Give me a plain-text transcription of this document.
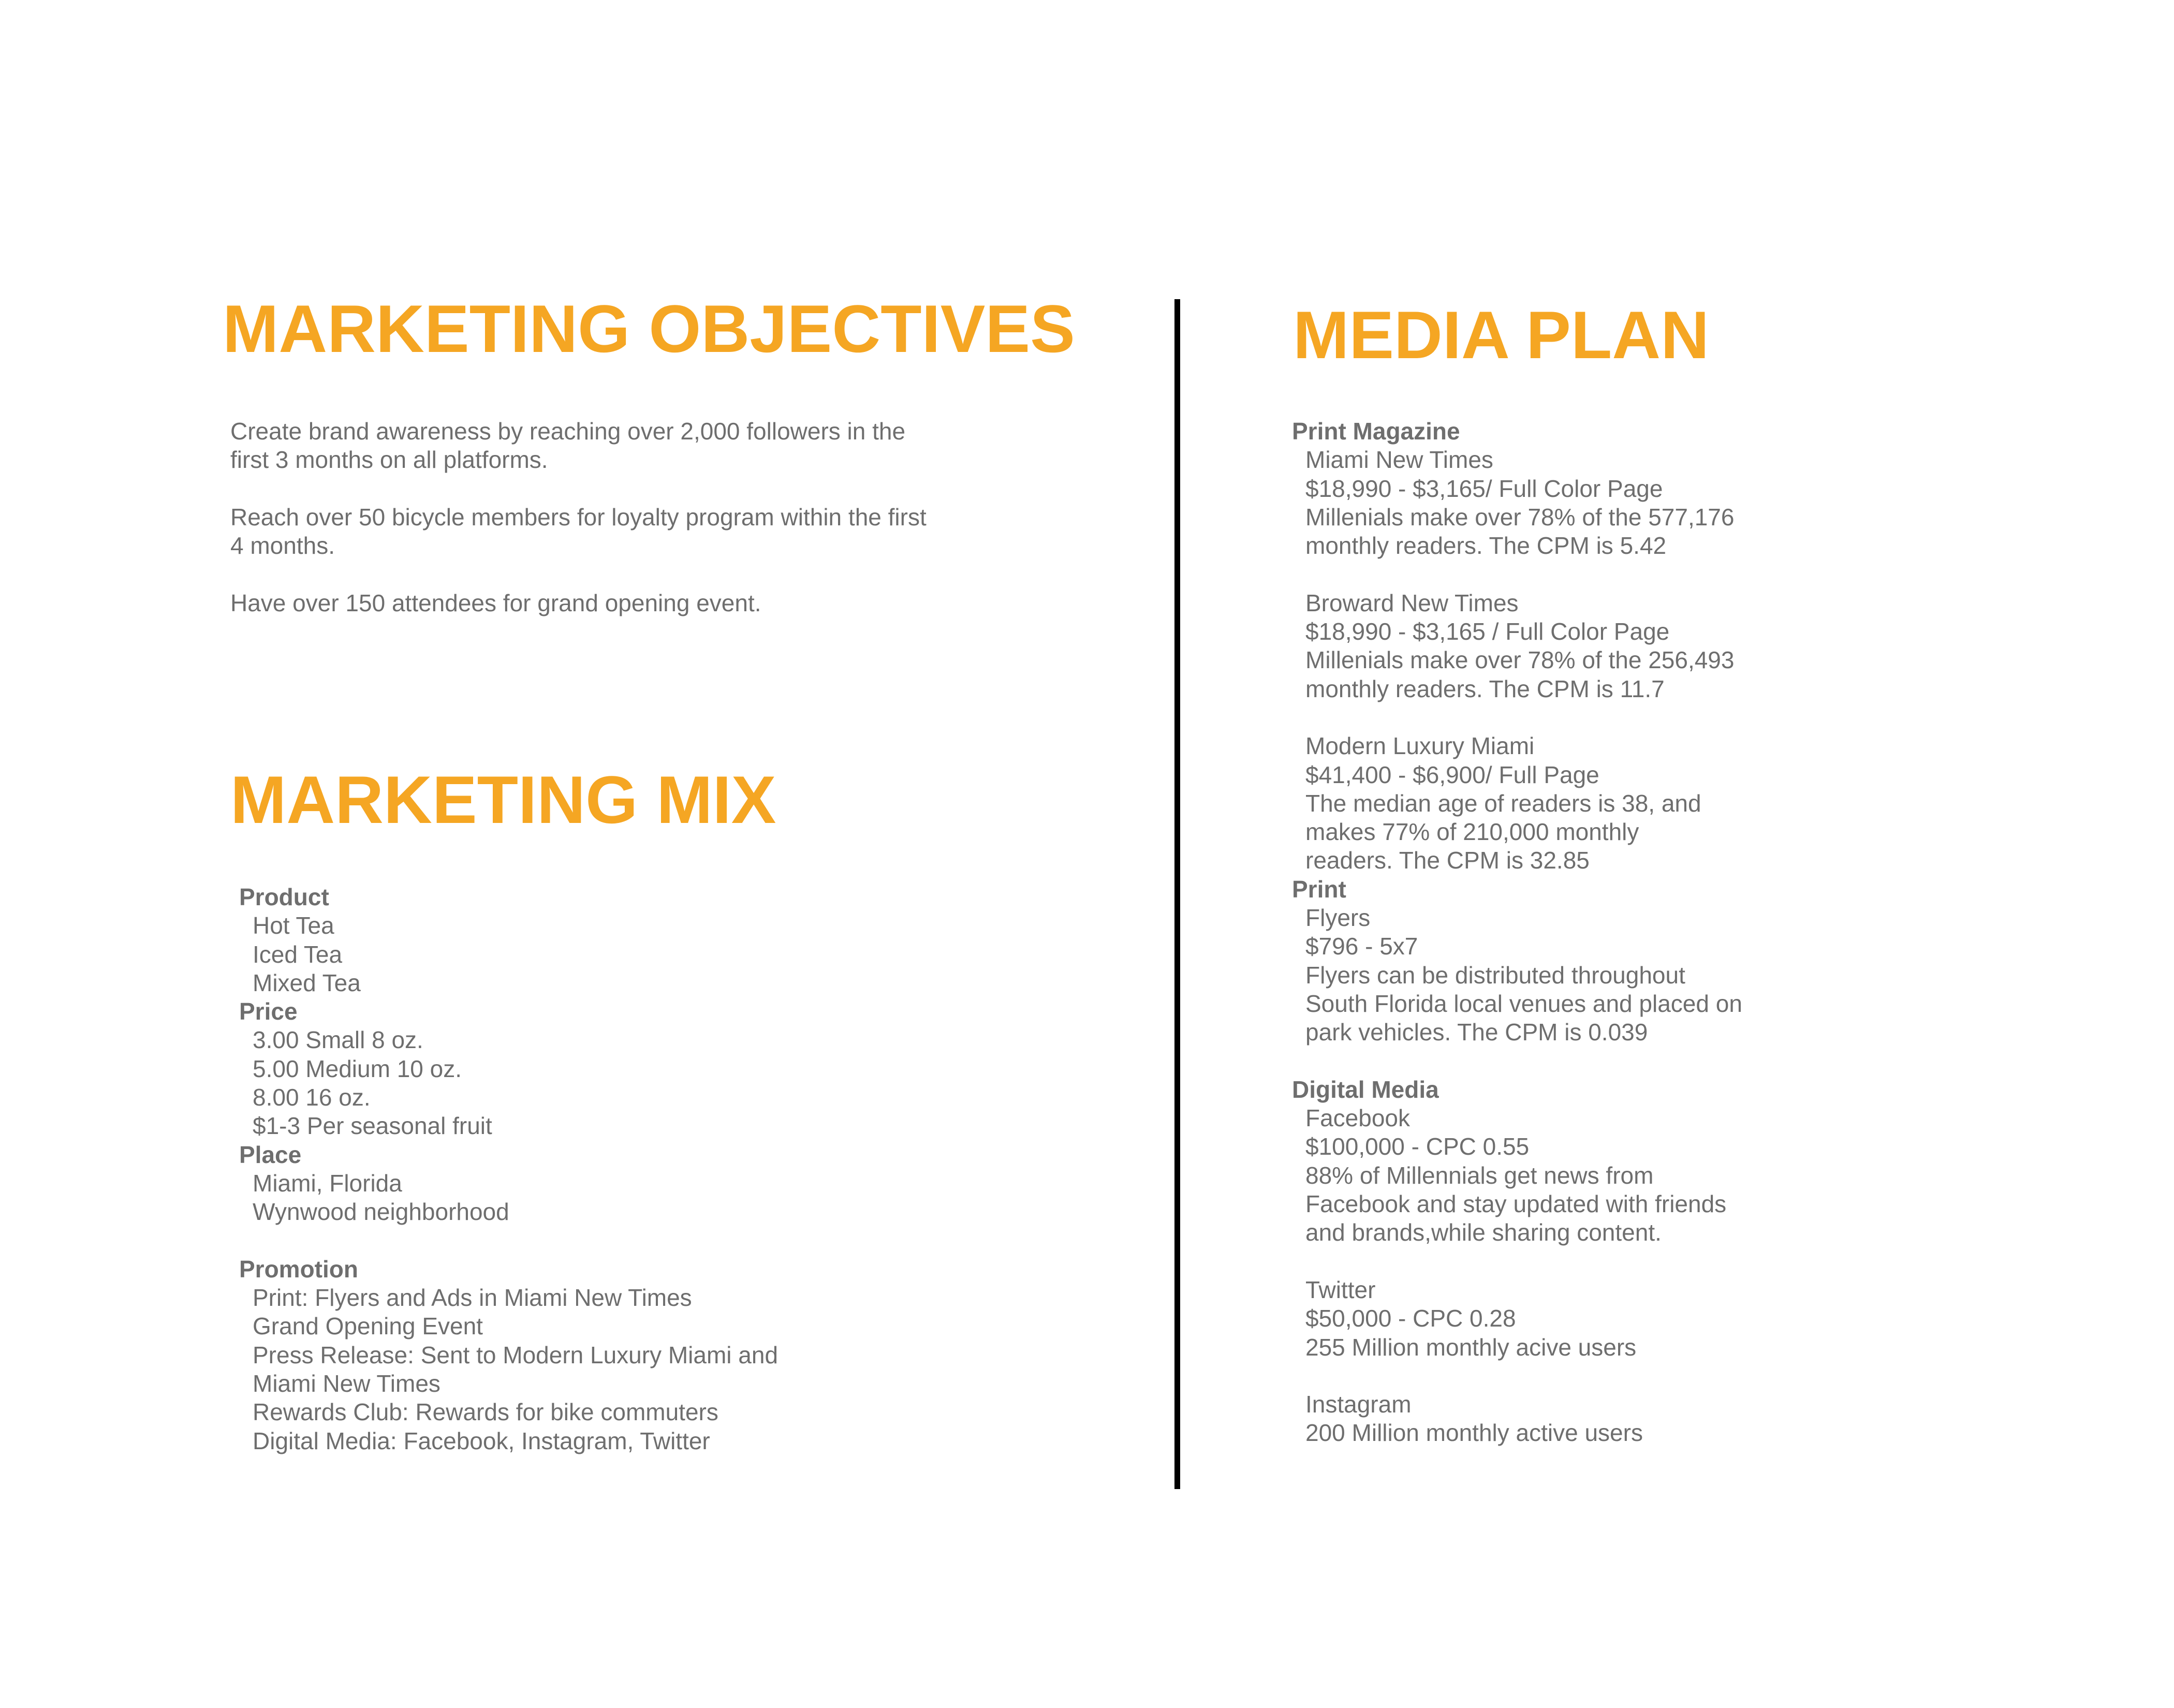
MARKETING OBJECTIVES
Create brand awareness by reaching over 2,000 followers in the
first 3 months on all platforms.
Reach over 50 bicycle members for loyalty program within the first
4 months.
Have over 150 attendees for grand opening event.
MARKETING MIX
Product
Hot Tea
Iced Tea
Mixed Tea
Price
3.00 Small 8 oz.
5.00 Medium 10 oz.
8.00 16 oz.
$1-3 Per seasonal fruit
Place
Miami, Florida
Wynwood neighborhood
Promotion
Print: Flyers and Ads in Miami New Times
Grand Opening Event
Press Release: Sent to Modern Luxury Miami and
Miami New Times
Rewards Club: Rewards for bike commuters
Digital Media: Facebook, Instagram, Twitter
MEDIA PLAN
Print Magazine
Miami New Times
$18,990 - $3,165/ Full Color Page
Millenials make over 78% of the 577,176
monthly readers. The CPM is 5.42
Broward New Times
$18,990 - $3,165 / Full Color Page
Millenials make over 78% of the 256,493
monthly readers. The CPM is 11.7
Modern Luxury Miami
$41,400 - $6,900/ Full Page
The median age of readers is 38, and
makes 77% of 210,000 monthly
readers. The CPM is 32.85
Print
Flyers
$796 - 5x7
Flyers can be distributed throughout
South Florida local venues and placed on
park vehicles. The CPM is 0.039
Digital Media
Facebook
$100,000 - CPC 0.55
88% of Millennials get news from
Facebook and stay updated with friends
and brands,while sharing content.
Twitter
$50,000 - CPC 0.28
255 Million monthly acive users
Instagram
200 Million monthly active users
